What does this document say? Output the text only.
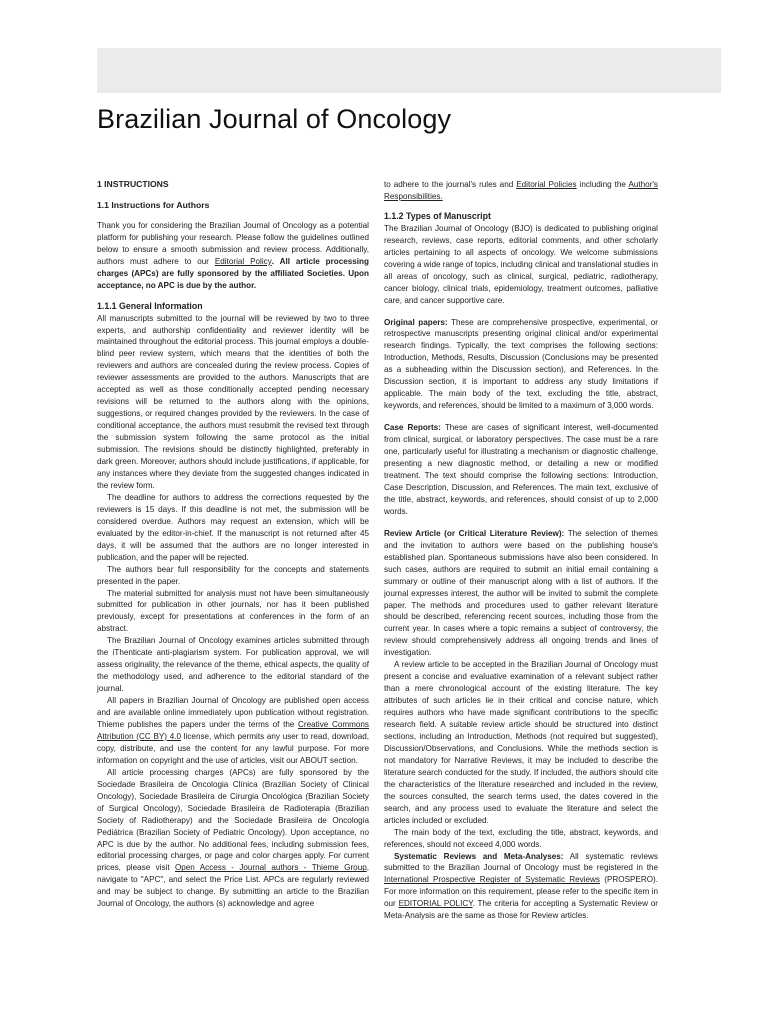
Brazilian Journal of Oncology
1 INSTRUCTIONS
1.1 Instructions for Authors

Thank you for considering the Brazilian Journal of Oncology as a potential platform for publishing your research. Please follow the guidelines outlined below to ensure a smooth submission and review process. Additionally, authors must adhere to our Editorial Policy. All article processing charges (APCs) are fully sponsored by the affiliated Societies. Upon acceptance, no APC is due by the author.

1.1.1 General Information

All manuscripts submitted to the journal will be reviewed by two to three experts, and authorship confidentiality and reviewer identity will be maintained throughout the editorial process. This journal employs a double-blind peer review system, which means that the identities of both the reviewers and authors are concealed during the review process. Copies of reviewer assessments are provided to the authors. Manuscripts that are accepted as well as those conditionally accepted pending necessary revisions will be returned to the authors along with the opinions, suggestions, or required changes provided by the reviewers. In the case of conditional acceptance, the authors must resubmit the revised text through the submission system following the same protocol as the initial submission. The revisions should be distinctly highlighted, preferably in dark green. Moreover, authors should include justifications, if applicable, for any instances where they deviate from the suggested changes indicated in the review form.

The deadline for authors to address the corrections requested by the reviewers is 15 days. If this deadline is not met, the submission will be considered overdue. Authors may request an extension, which will be evaluated by the editor-in-chief. If the manuscript is not returned after 45 days, it will be assumed that the authors are no longer interested in publication, and the paper will be rejected.

The authors bear full responsibility for the concepts and statements presented in the paper.

The material submitted for analysis must not have been simultaneously submitted for publication in other journals, nor has it been published previously, except for presentations at conferences in the form of an abstract.

The Brazilian Journal of Oncology examines articles submitted through the iThenticate anti-plagiarism system. For publication approval, we will assess originality, the relevance of the theme, ethical aspects, the quality of the methodology used, and adherence to the editorial standard of the journal.

All papers in Brazilian Journal of Oncology are published open access and are available online immediately upon publication without registration. Thieme publishes the papers under the terms of the Creative Commons Attribution (CC BY) 4.0 license, which permits any user to read, download, copy, distribute, and use the content for any lawful purpose. For more information on copyright and the use of articles, visit our ABOUT section.

All article processing charges (APCs) are fully sponsored by the Sociedade Brasileira de Oncologia Clínica (Brazilian Society of Clinical Oncology), Sociedade Brasileira de Cirurgia Oncológica (Brazilian Society of Surgical Oncology), Sociedade Brasileira de Radioterapia (Brazilian Society of Radiotherapy) and the Sociedade Brasileira de Oncologia Pediátrica (Brazilian Society of Pediatric Oncology). Upon acceptance, no APC is due by the author. No additional fees, including submission fees, editorial processing charges, or page and color charges apply. For current prices, please visit Open Access - Journal authors - Thieme Group, navigate to "APC", and select the Price List. APCs are regularly reviewed and may be subject to change. By submitting an article to the Brazilian Journal of Oncology, the authors (s) acknowledge and agree

to adhere to the journal's rules and Editorial Policies including the Author's Responsibilities.

1.1.2 Types of Manuscript

The Brazilian Journal of Oncology (BJO) is dedicated to publishing original research, reviews, case reports, editorial comments, and other scholarly articles pertaining to all aspects of oncology. We welcome submissions covering a wide range of topics, including clinical and translational studies in all areas of oncology, such as clinical, surgical, pediatric, radiotherapy, cancer biology, clinical trials, epidemiology, treatment outcomes, palliative care, and cancer supportive care.

Original papers: These are comprehensive prospective, experimental, or retrospective manuscripts presenting original clinical and/or experimental research findings. Typically, the text comprises the following sections: Introduction, Methods, Results, Discussion (Conclusions may be presented as a subheading within the Discussion section), and References. In the Discussion section, it is important to address any study limitations if applicable. The main body of the text, excluding the title, abstract, keywords, and references, should be limited to a maximum of 3,000 words.

Case Reports: These are cases of significant interest, well-documented from clinical, surgical, or laboratory perspectives. The case must be a rare one, particularly useful for illustrating a mechanism or diagnostic challenge, presenting a new diagnostic method, or detailing a new or modified treatment. The text should comprise the following sections: Introduction, Case Description, Discussion, and References. The main text, exclusive of the title, abstract, keywords, and references, should consist of up to 2,000 words.

Review Article (or Critical Literature Review): The selection of themes and the invitation to authors were based on the publishing house's established plan. Spontaneous submissions have also been considered. In such cases, authors are required to submit an initial email containing a summary or outline of their manuscript along with a list of authors. If the journal expresses interest, the author will be invited to submit the complete paper. The methods and procedures used to gather relevant literature should be described, referencing recent sources, including those from the current year. In cases where a topic remains a subject of controversy, the review should comprehensively address all ongoing trends and lines of investigation.

A review article to be accepted in the Brazilian Journal of Oncology must present a concise and evaluative examination of a relevant subject rather than a mere chronological account of the existing literature. The key attributes of such articles lie in their critical and concise nature, which requires authors who have made significant contributions to the specific research field. A suitable review article should be structured into distinct sections, including an Introduction, Methods (not required but suggested), Discussion/Observations, and Conclusions. While the methods section is not mandatory for Narrative Reviews, it may be included to describe the literature search conducted for the study. If included, the authors should cite the characteristics of the literature researched and included in the review, the sources consulted, the search terms used, the dates covered in the search, and any process used to evaluate the literature and select the articles included or excluded.

The main body of the text, excluding the title, abstract, keywords, and references, should not exceed 4,000 words.

Systematic Reviews and Meta-Analyses: All systematic reviews submitted to the Brazilian Journal of Oncology must be registered in the International Prospective Register of Systematic Reviews (PROSPERO). For more information on this requirement, please refer to the specific item in our EDITORIAL POLICY. The criteria for accepting a Systematic Review or Meta-Analysis are the same as those for Review articles.
